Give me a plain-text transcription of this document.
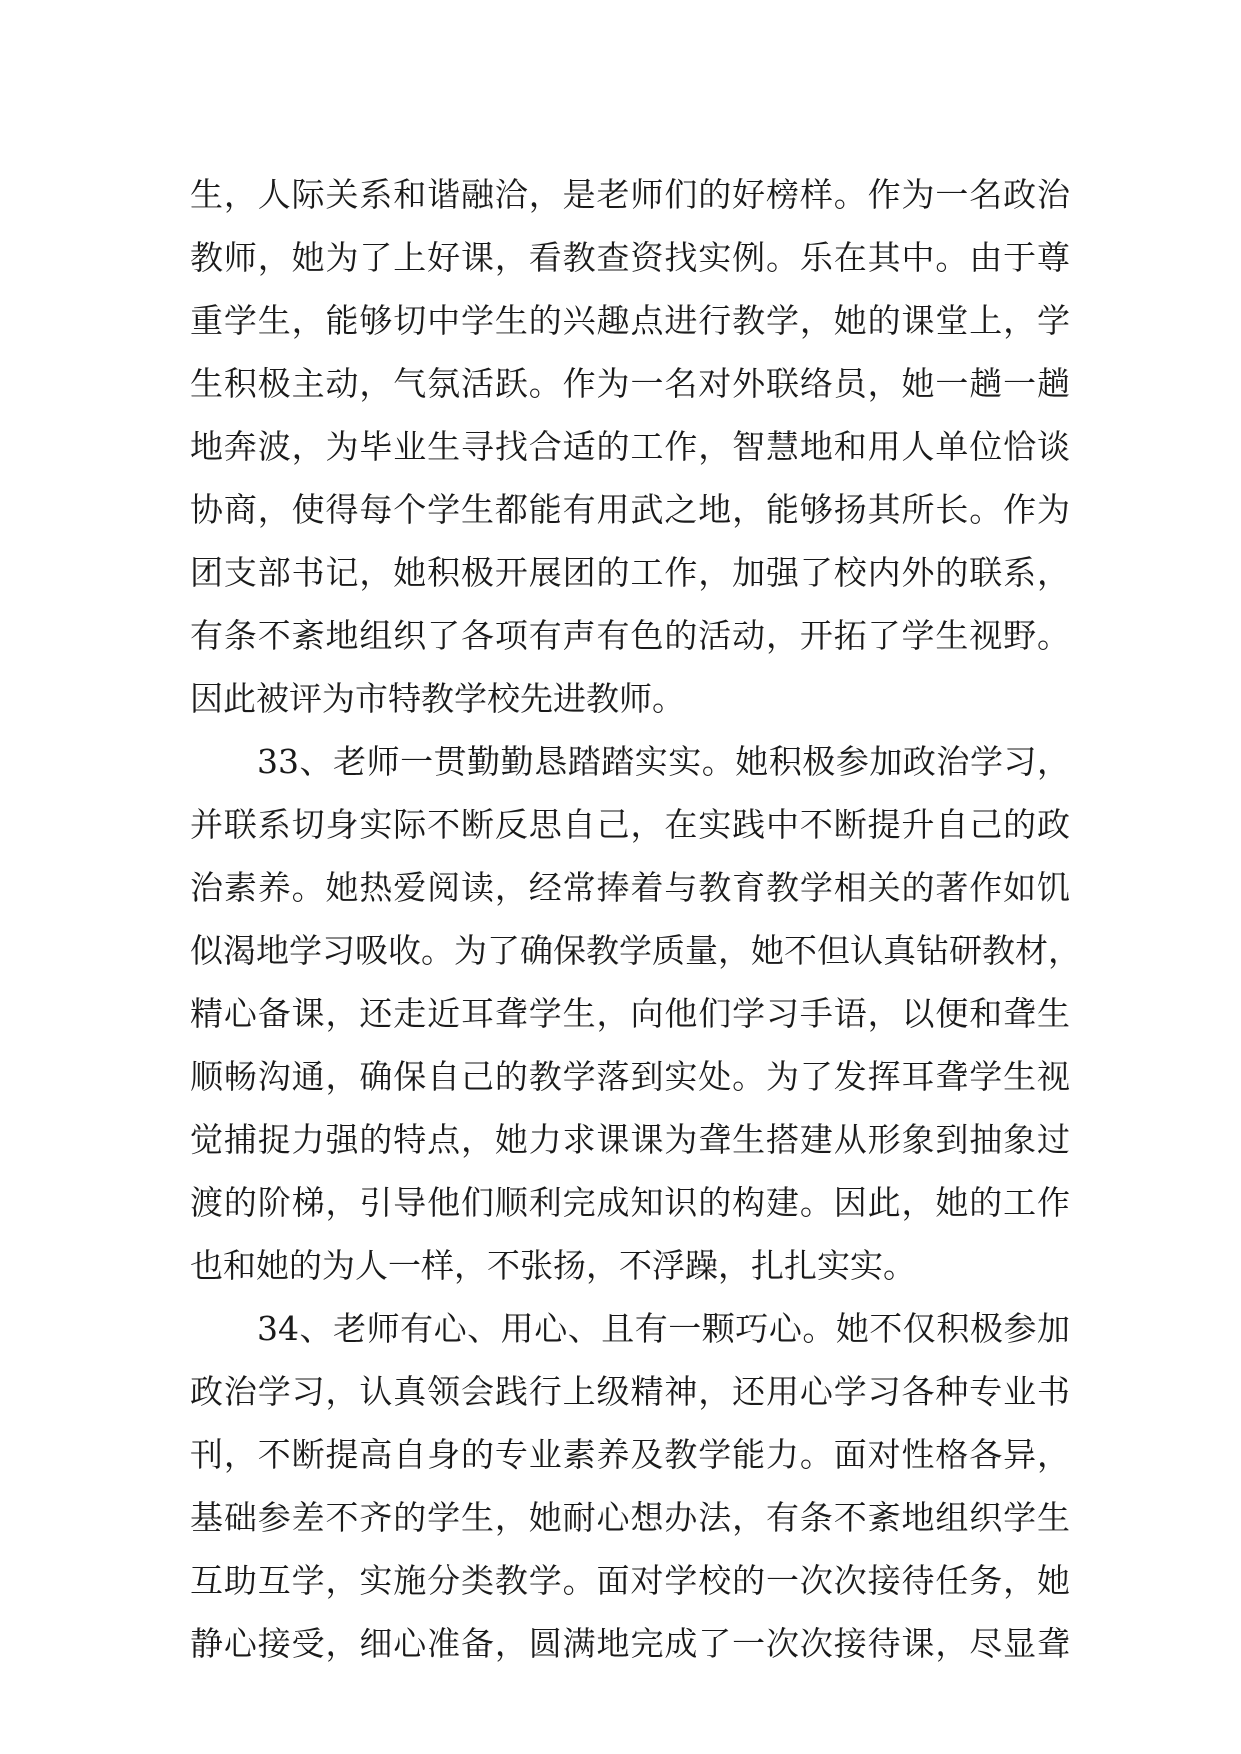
生，人际关系和谐融洽，是老师们的好榜样。作为一名政治
教师，她为了上好课，看教查资找实例。乐在其中。由于尊
重学生，能够切中学生的兴趣点进行教学，她的课堂上，学
生积极主动，气氛活跃。作为一名对外联络员，她一趟一趟
地奔波，为毕业生寻找合适的工作，智慧地和用人单位恰谈
协商，使得每个学生都能有用武之地，能够扬其所长。作为
团支部书记，她积极开展团的工作，加强了校内外的联系，
有条不紊地组织了各项有声有色的活动，开拓了学生视野。
因此被评为市特教学校先进教师。
　　33、老师一贯勤勤恳踏踏实实。她积极参加政治学习，
并联系切身实际不断反思自己，在实践中不断提升自己的政
治素养。她热爱阅读，经常捧着与教育教学相关的著作如饥
似渴地学习吸收。为了确保教学质量，她不但认真钻研教材，
精心备课，还走近耳聋学生，向他们学习手语，以便和聋生
顺畅沟通，确保自己的教学落到实处。为了发挥耳聋学生视
觉捕捉力强的特点，她力求课课为聋生搭建从形象到抽象过
渡的阶梯，引导他们顺利完成知识的构建。因此，她的工作
也和她的为人一样，不张扬，不浮躁，扎扎实实。
　　34、老师有心、用心、且有一颗巧心。她不仅积极参加
政治学习，认真领会践行上级精神，还用心学习各种专业书
刊，不断提高自身的专业素养及教学能力。面对性格各异，
基础参差不齐的学生，她耐心想办法，有条不紊地组织学生
互助互学，实施分类教学。面对学校的一次次接待任务，她
静心接受，细心准备，圆满地完成了一次次接待课，尽显聋
